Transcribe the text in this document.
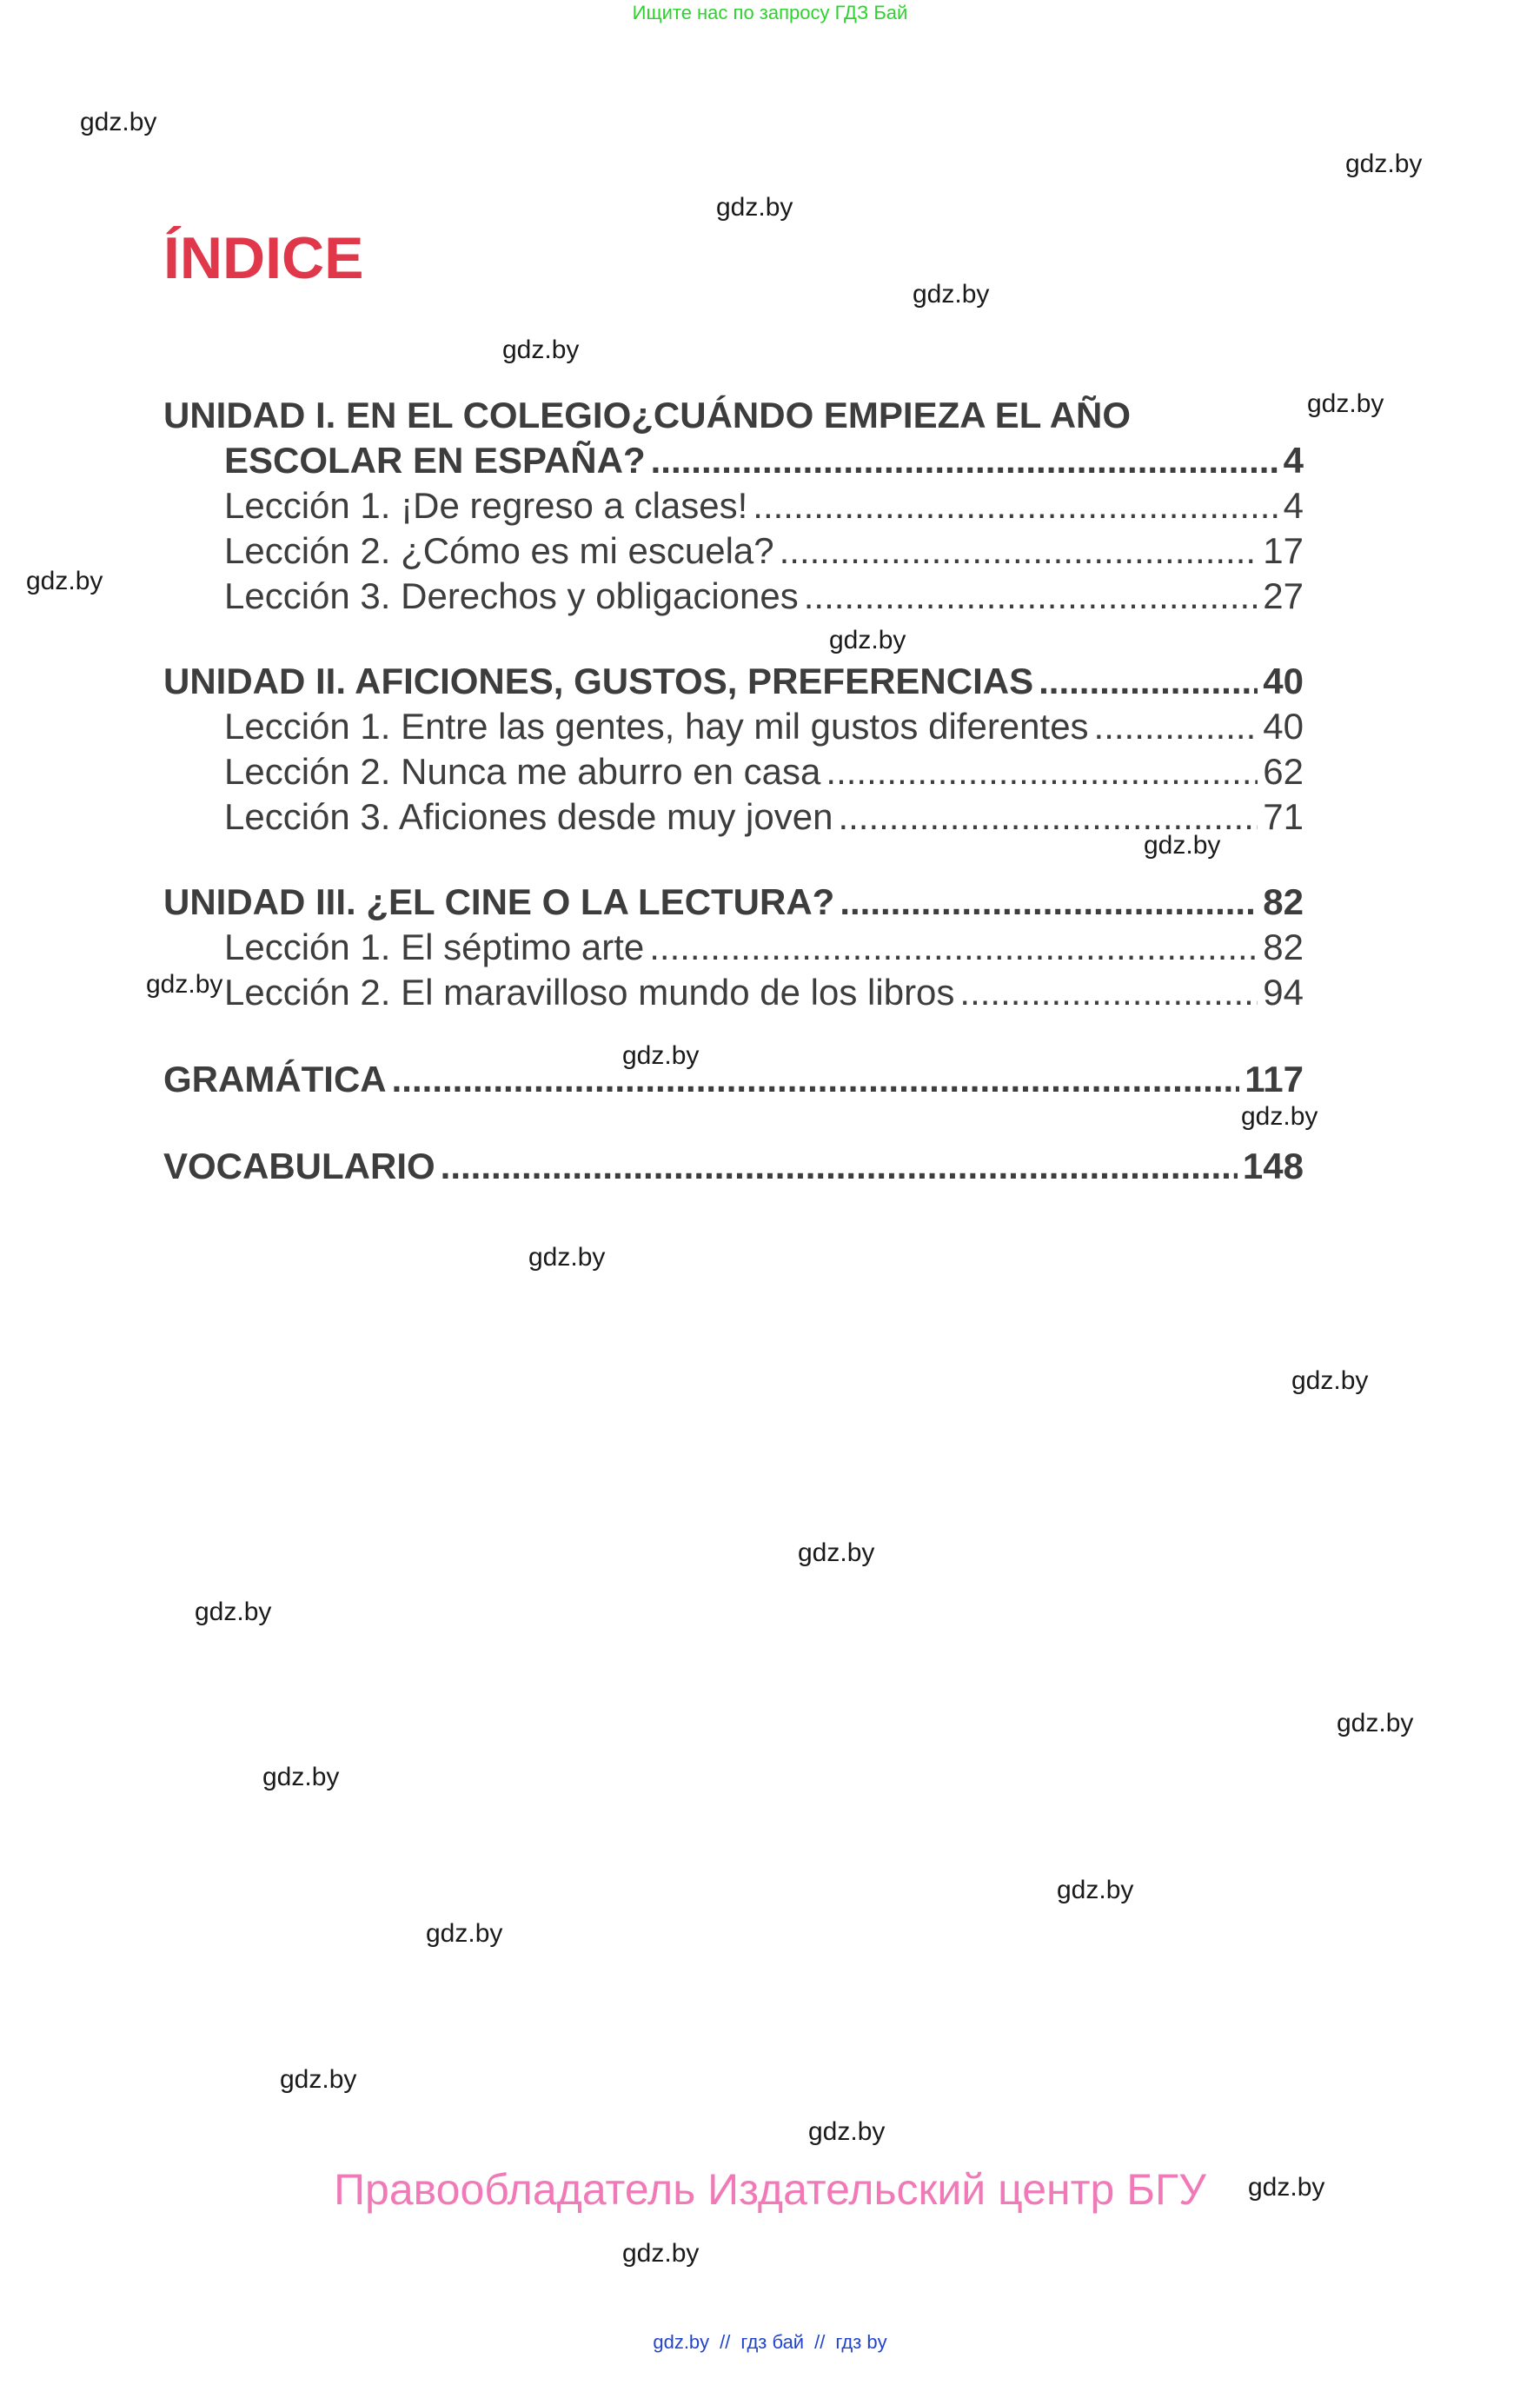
Ищите нас по запросу ГДЗ Бай
gdz.by
gdz.by
gdz.by
gdz.by
gdz.by
gdz.by
gdz.by
gdz.by
gdz.by
gdz.by
gdz.by
gdz.by
gdz.by
gdz.by
gdz.by
gdz.by
gdz.by
gdz.by
gdz.by
gdz.by
gdz.by
gdz.by
gdz.by
gdz.by
ÍNDICE
UNIDAD I. EN EL COLEGIO¿CUÁNDO EMPIEZA EL AÑO
ESCOLAR EN ESPAÑA? .....	4
Lección 1. ¡De regreso a clases! .....	4
Lección 2. ¿Cómo es mi escuela? .....	17
Lección 3. Derechos y obligaciones .....	27
UNIDAD II. AFICIONES, GUSTOS, PREFERENCIAS .....	40
Lección 1. Entre las gentes, hay mil gustos diferentes .....	40
Lección 2. Nunca me aburro en casa .....	62
Lección 3. Aficiones desde muy joven .....	71
UNIDAD III. ¿EL CINE O LA LECTURA? .....	82
Lección 1. El séptimo arte .....	82
Lección 2. El maravilloso mundo de los libros .....	94
GRAMÁTICA .....	117
VOCABULARIO .....	148
Правообладатель Издательский центр БГУ
gdz.by // гдз бай // гдз by
